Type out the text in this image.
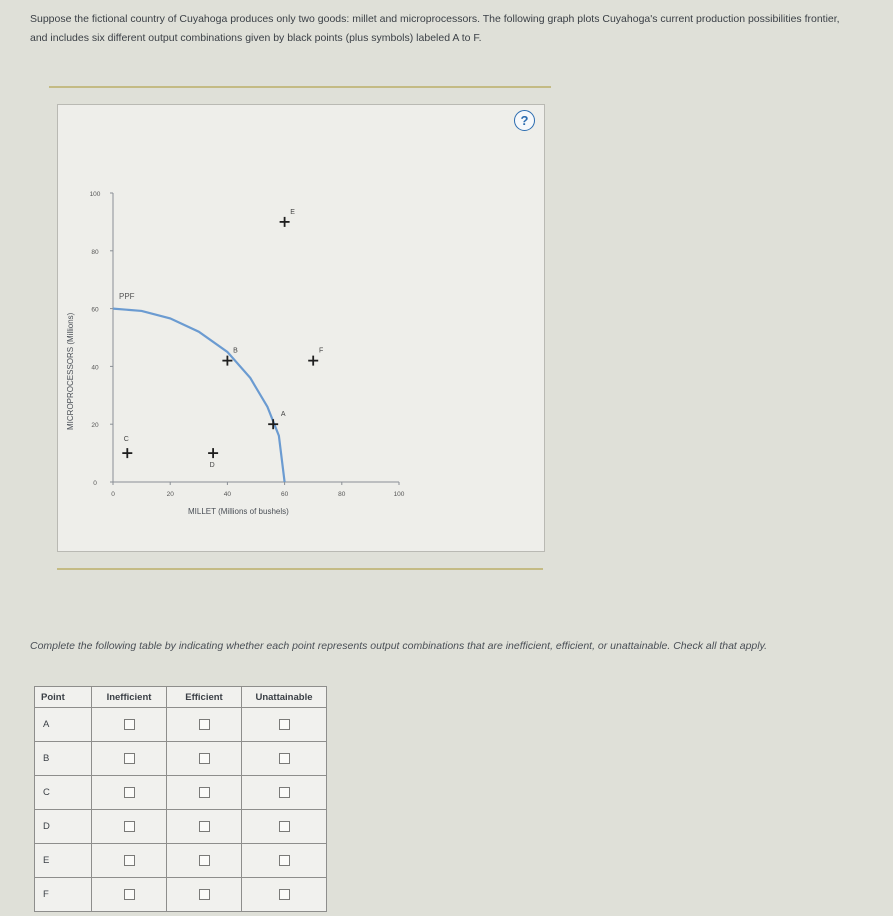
Suppose the fictional country of Cuyahoga produces only two goods: millet and microprocessors. The following graph plots Cuyahoga's current production possibilities frontier, and includes six different output combinations given by black points (plus symbols) labeled A to F.
?
0
20
40
60
80
100
0	20	40	60	80	100
PPF
A
B
C
D
E
F
MICROPROCESSORS (Millions)
MILLET (Millions of bushels)
Complete the following table by indicating whether each point represents output combinations that are inefficient, efficient, or unattainable. Check all that apply.
Point	Inefficient	Efficient	Unattainable
A			
B			
C			
D			
E			
F			
